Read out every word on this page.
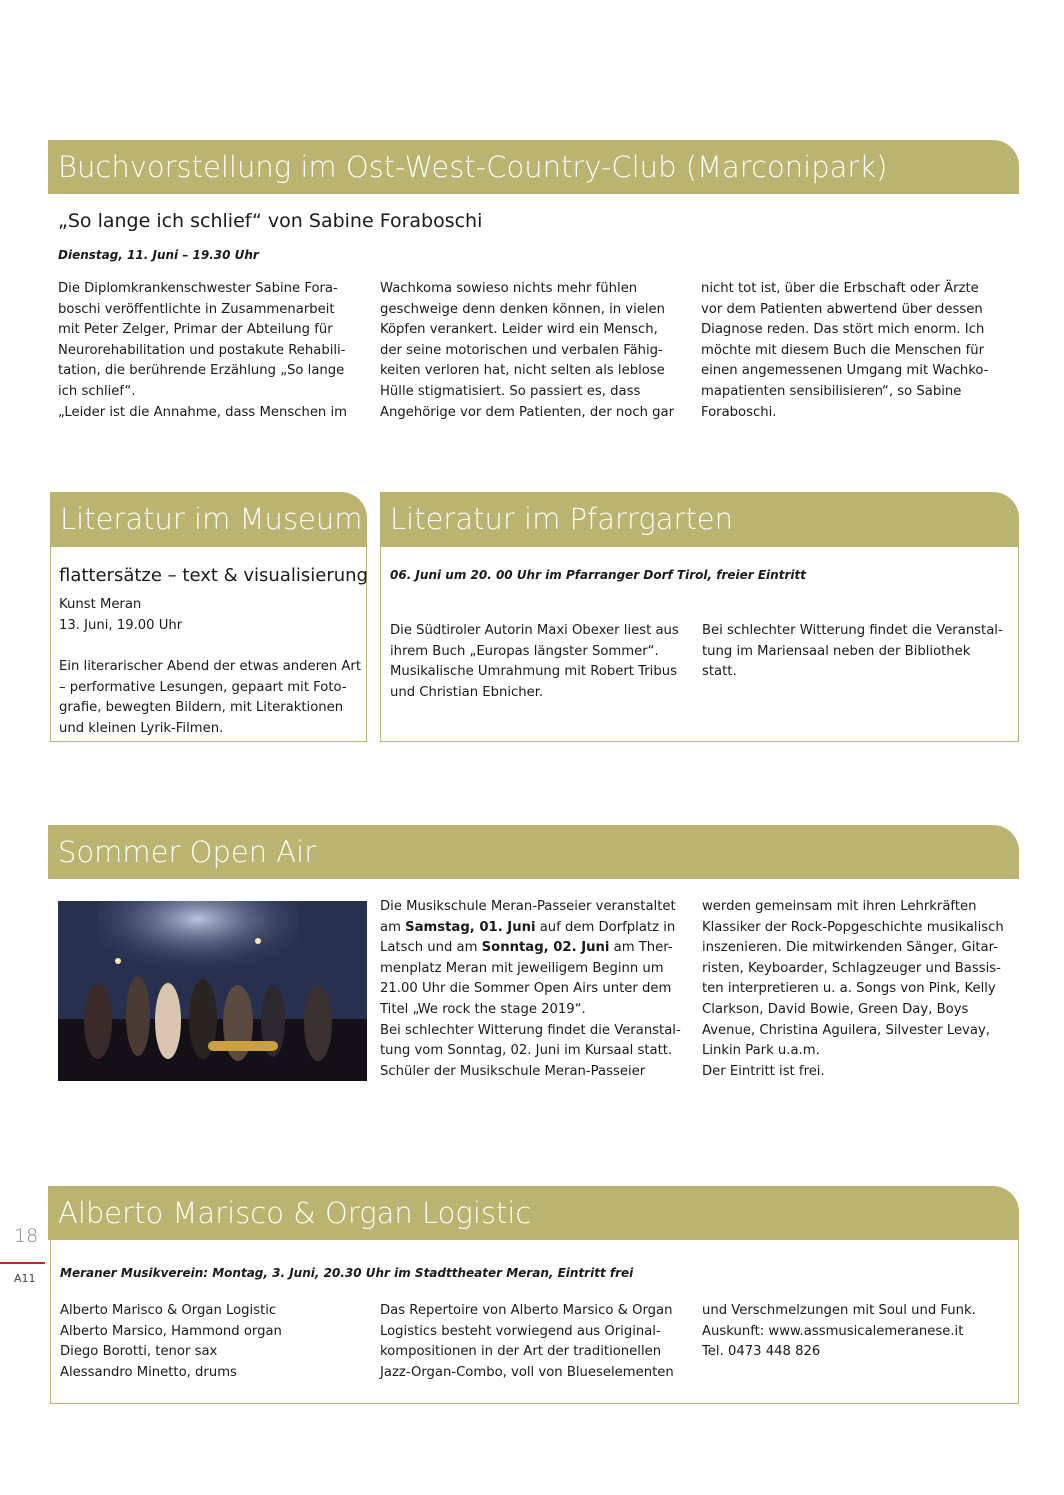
Buchvorstellung im Ost-West-Country-Club (Marconipark)
„So lange ich schlief“ von Sabine Foraboschi
Dienstag, 11. Juni – 19.30 Uhr

Die Diplomkrankenschwester Sabine Fora-

boschi veröffentlichte in Zusammenarbeit

mit Peter Zelger, Primar der Abteilung für

Neurorehabilitation und postakute Rehabili-

tation, die berührende Erzählung „So lange

ich schlief“.

„Leider ist die Annahme, dass Menschen im

Wachkoma sowieso nichts mehr fühlen

geschweige denn denken können, in vielen

Köpfen verankert. Leider wird ein Mensch,

der seine motorischen und verbalen Fähig-

keiten verloren hat, nicht selten als leblose

Hülle stigmatisiert. So passiert es, dass

Angehörige vor dem Patienten, der noch gar

nicht tot ist, über die Erbschaft oder Ärzte

vor dem Patienten abwertend über dessen

Diagnose reden. Das stört mich enorm. Ich

möchte mit diesem Buch die Menschen für

einen angemessenen Umgang mit Wachko-

mapatienten sensibilisieren“, so Sabine

Foraboschi.

Literatur im Museum
flattersätze – text & visualisierung

Kunst Meran

13. Juni, 19.00 Uhr

Ein literarischer Abend der etwas anderen Art

– performative Lesungen, gepaart mit Foto-

grafie, bewegten Bildern, mit Literaktionen

und kleinen Lyrik-Filmen.

Literatur im Pfarrgarten
06. Juni um 20. 00 Uhr im Pfarranger Dorf Tirol, freier Eintritt

Die Südtiroler Autorin Maxi Obexer liest aus

ihrem Buch „Europas längster Sommer“.

Musikalische Umrahmung mit Robert Tribus

und Christian Ebnicher.

Bei schlechter Witterung findet die Veranstal-

tung im Mariensaal neben der Bibliothek

statt.

Sommer Open Air

Die Musikschule Meran-Passeier veranstaltet

am Samstag, 01. Juni auf dem Dorfplatz in

Latsch und am Sonntag, 02. Juni am Ther-

menplatz Meran mit jeweiligem Beginn um

21.00 Uhr die Sommer Open Airs unter dem

Titel „We rock the stage 2019“.

Bei schlechter Witterung findet die Veranstal-

tung vom Sonntag, 02. Juni im Kursaal statt.

Schüler der Musikschule Meran-Passeier

werden gemeinsam mit ihren Lehrkräften

Klassiker der Rock-Popgeschichte musikalisch

inszenieren. Die mitwirkenden Sänger, Gitar-

risten, Keyboarder, Schlagzeuger und Bassis-

ten interpretieren u. a. Songs von Pink, Kelly

Clarkson, David Bowie, Green Day, Boys

Avenue, Christina Aguilera, Silvester Levay,

Linkin Park u.a.m.

Der Eintritt ist frei.

Alberto Marisco & Organ Logistic
Meraner Musikverein: Montag, 3. Juni, 20.30 Uhr im Stadttheater Meran, Eintritt frei

Alberto Marisco & Organ Logistic

Alberto Marsico, Hammond organ

Diego Borotti, tenor sax

Alessandro Minetto, drums

Das Repertoire von Alberto Marsico & Organ

Logistics besteht vorwiegend aus Original-

kompositionen in der Art der traditionellen

Jazz-Organ-Combo, voll von Blueselementen

und Verschmelzungen mit Soul und Funk.

Auskunft: www.assmusicalemeranese.it

Tel. 0473 448 826

18
A11
